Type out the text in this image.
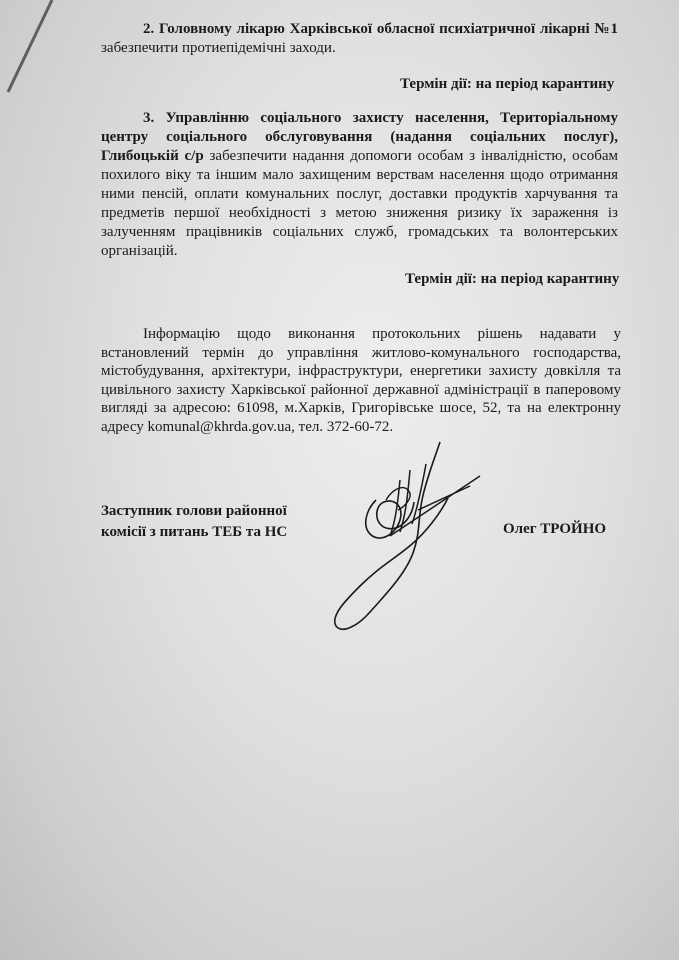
2. Головному лікарю Харківської обласної психіатричної лікарні №1 забезпечити протиепідемічні заходи.
Термін дії: на період карантину
3. Управлінню соціального захисту населення, Територіальному центру соціального обслуговування (надання соціальних послуг), Глибоцькій с/р забезпечити надання допомоги особам з інвалідністю, особам похилого віку та іншим мало захищеним верствам населення щодо отримання ними пенсій, оплати комунальних послуг, доставки продуктів харчування та предметів першої необхідності з метою зниження ризику їх зараження із залученням працівників соціальних служб, громадських та волонтерських організацій.
Термін дії: на період карантину
Інформацію щодо виконання протокольних рішень надавати у встановлений термін до управління житлово-комунального господарства, містобудування, архітектури, інфраструктури, енергетики захисту довкілля та цивільного захисту Харківської районної державної адміністрації в паперовому вигляді за адресою: 61098, м.Харків, Григорівське шосе, 52, та на електронну адресу komunal@khrda.gov.ua, тел. 372-60-72.
Заступник голови районної
комісії з питань ТЕБ та НС	Олег ТРОЙНО
